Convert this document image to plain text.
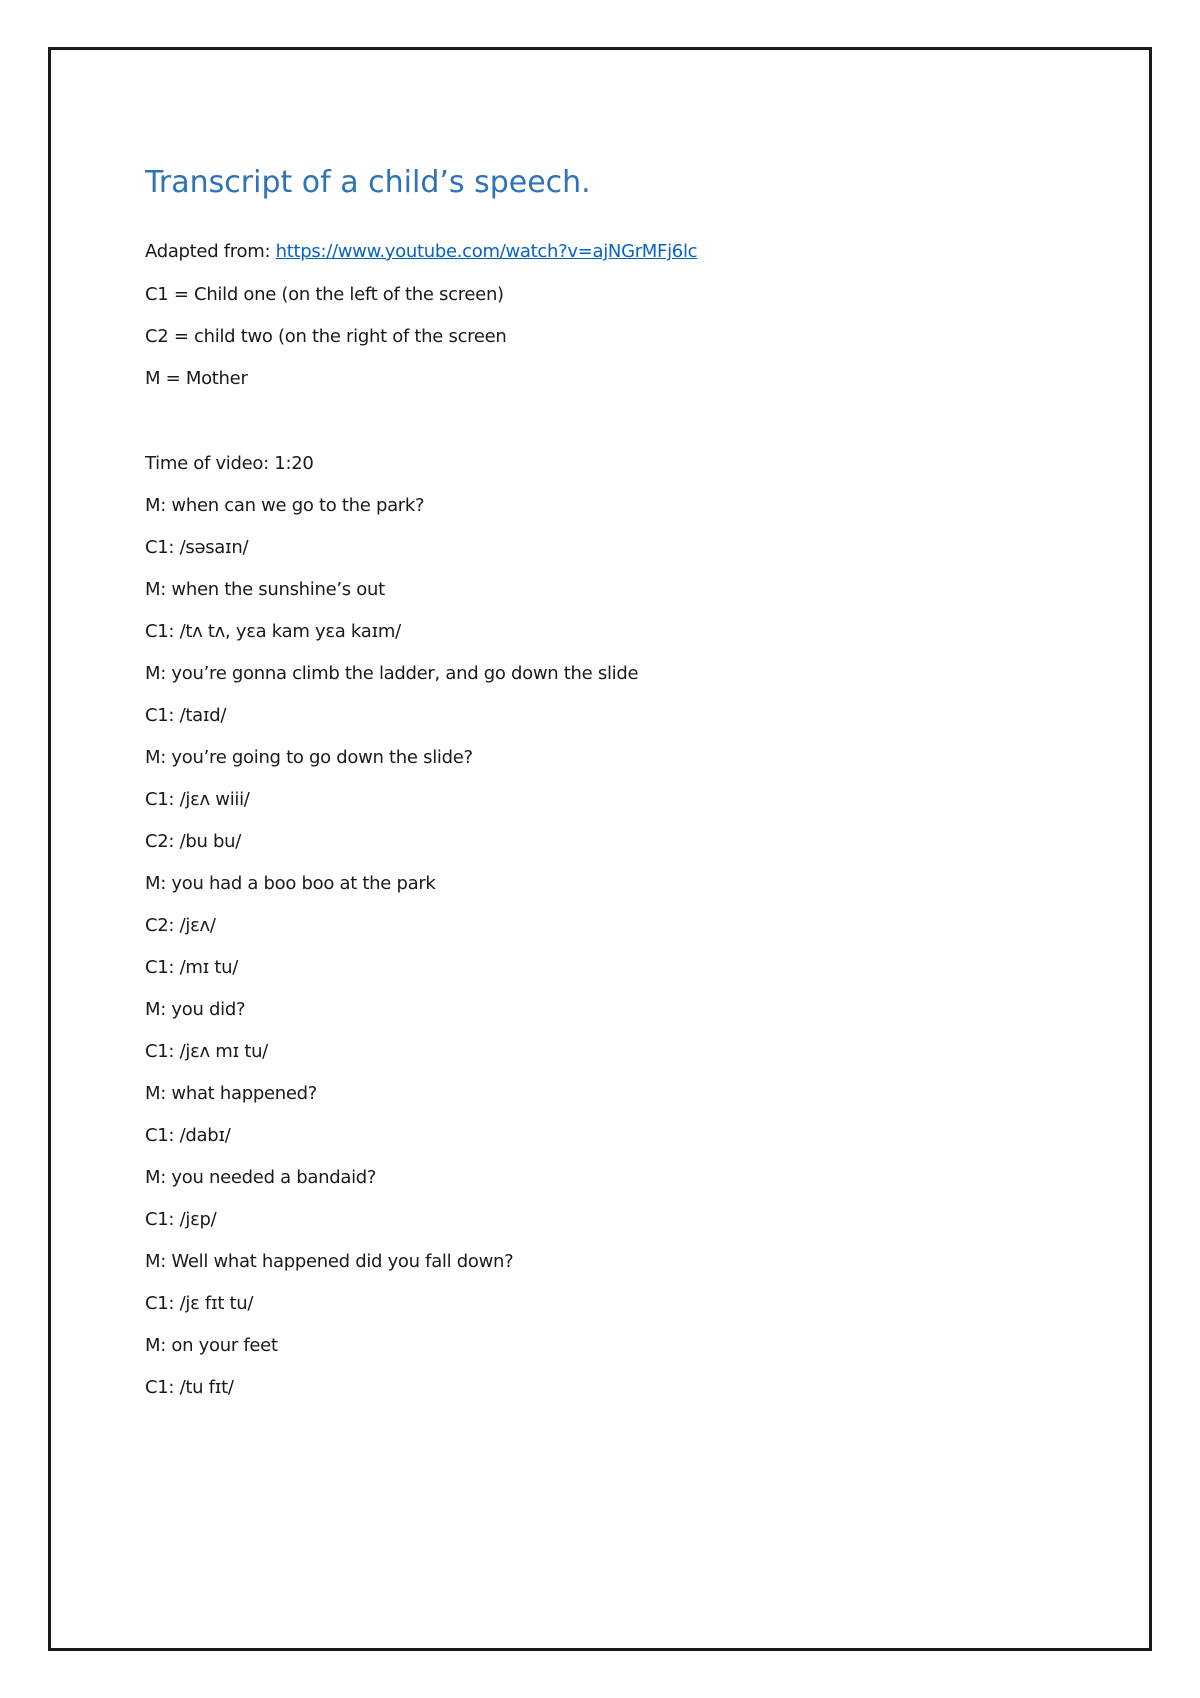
Transcript of a child’s speech.
Adapted from: https://www.youtube.com/watch?v=ajNGrMFj6lc
C1 = Child one (on the left of the screen)
C2 = child two (on the right of the screen
M = Mother
Time of video: 1:20
M: when can we go to the park?
C1: /səsaɪn/
M: when the sunshine’s out
C1: /tʌ tʌ, yɛa kam yɛa kaɪm/
M: you’re gonna climb the ladder, and go down the slide
C1: /taɪd/
M: you’re going to go down the slide?
C1: /jɛʌ wiii/
C2: /bu bu/
M: you had a boo boo at the park
C2: /jɛʌ/
C1: /mɪ tu/
M: you did?
C1: /jɛʌ mɪ tu/
M: what happened?
C1: /dabɪ/
M: you needed a bandaid?
C1: /jɛp/
M: Well what happened did you fall down?
C1: /jɛ fɪt tu/
M: on your feet
C1: /tu fɪt/
